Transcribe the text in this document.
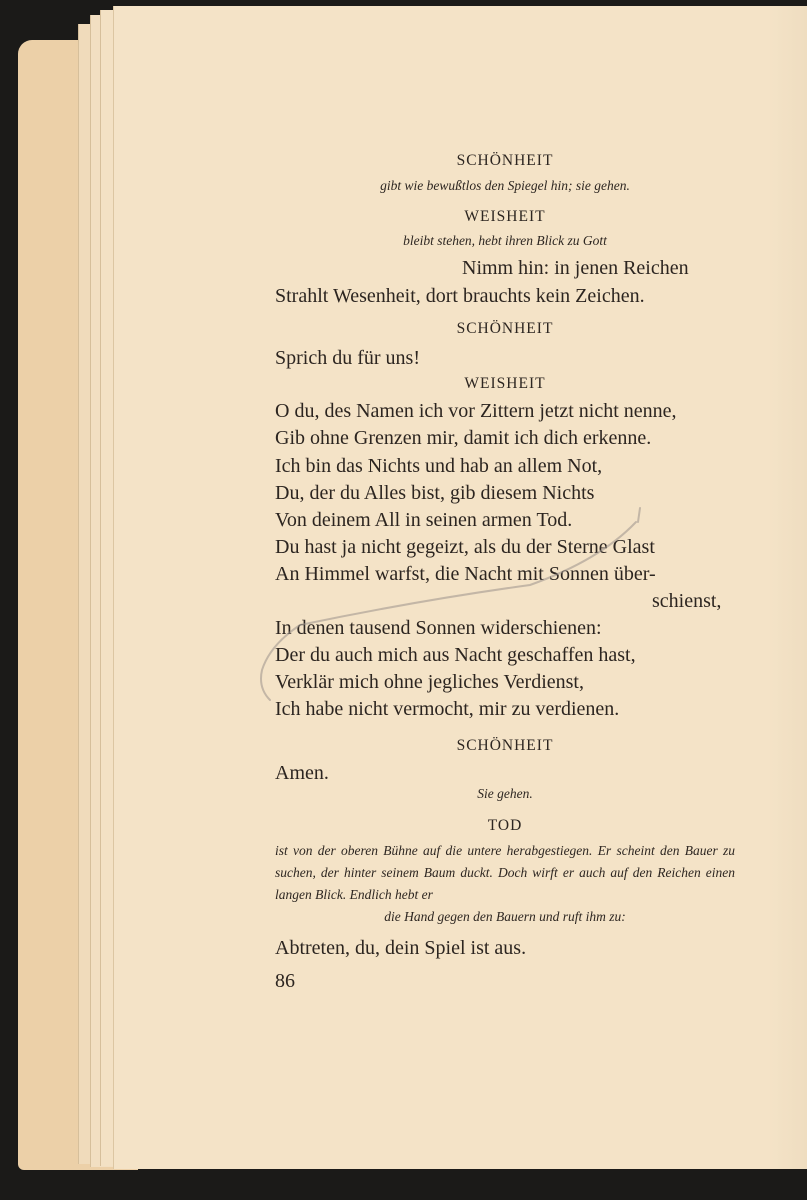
SCHÖNHEIT
gibt wie bewußtlos den Spiegel hin; sie gehen.
WEISHEIT
bleibt stehen, hebt ihren Blick zu Gott
Nimm hin: in jenen Reichen
Strahlt Wesenheit, dort brauchts kein Zeichen.
SCHÖNHEIT
Sprich du für uns!
WEISHEIT
O du, des Namen ich vor Zittern jetzt nicht nenne,
Gib ohne Grenzen mir, damit ich dich erkenne.
Ich bin das Nichts und hab an allem Not,
Du, der du Alles bist, gib diesem Nichts
Von deinem All in seinen armen Tod.
Du hast ja nicht gegeizt, als du der Sterne Glast
An Himmel warfst, die Nacht mit Sonnen über-
schienst,
In denen tausend Sonnen widerschienen:
Der du auch mich aus Nacht geschaffen hast,
Verklär mich ohne jegliches Verdienst,
Ich habe nicht vermocht, mir zu verdienen.
SCHÖNHEIT
Amen.
Sie gehen.
TOD
ist von der oberen Bühne auf die untere herabgestiegen. Er scheint den Bauer zu suchen, der hinter seinem Baum duckt. Doch wirft er auch auf den Reichen einen langen Blick. Endlich hebt er
die Hand gegen den Bauern und ruft ihm zu:
Abtreten, du, dein Spiel ist aus.
86
